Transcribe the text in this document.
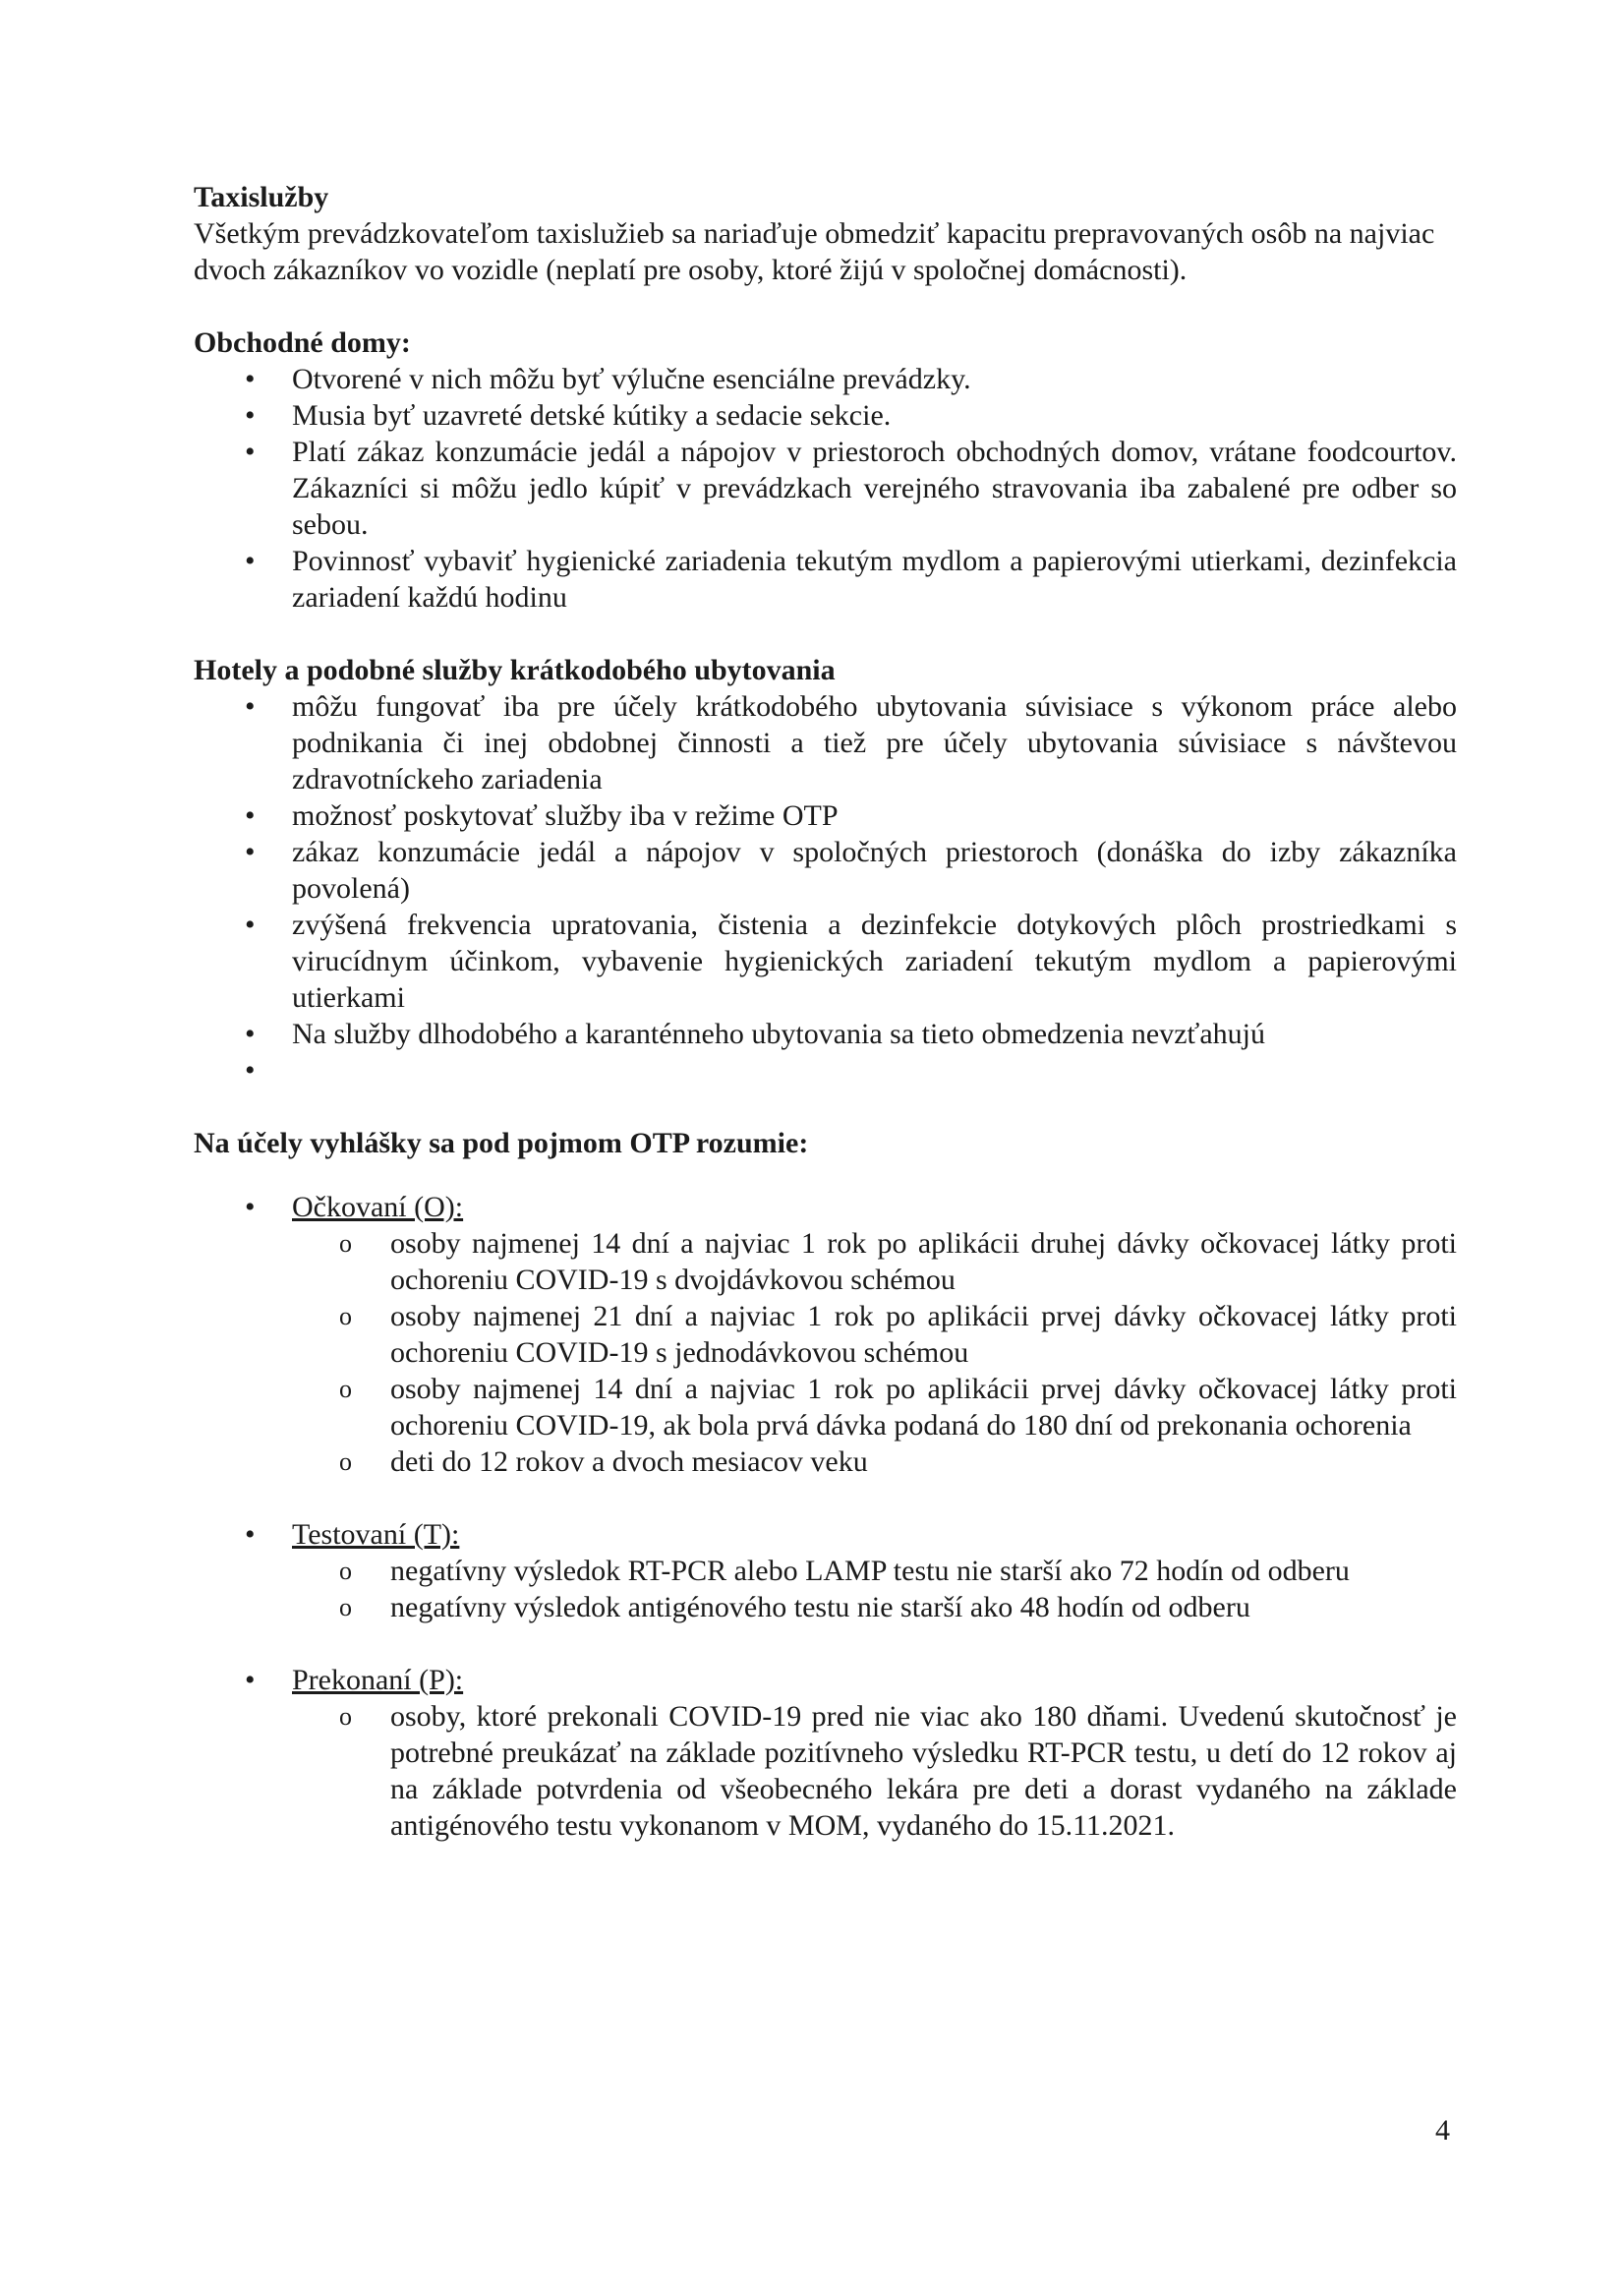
Taxislužby

Všetkým prevádzkovateľom taxislužieb sa nariaďuje obmedziť kapacitu prepravovaných osôb na najviac dvoch zákazníkov vo vozidle (neplatí pre osoby, ktoré žijú v spoločnej domácnosti).

Obchodné domy:
• Otvorené v nich môžu byť výlučne esenciálne prevádzky.
• Musia byť uzavreté detské kútiky a sedacie sekcie.
• Platí zákaz konzumácie jedál a nápojov v priestoroch obchodných domov, vrátane foodcourtov. Zákazníci si môžu jedlo kúpiť v prevádzkach verejného stravovania iba zabalené pre odber so sebou.
• Povinnosť vybaviť hygienické zariadenia tekutým mydlom a papierovými utierkami, dezinfekcia zariadení každú hodinu
Hotely a podobné služby krátkodobého ubytovania
• môžu fungovať iba pre účely krátkodobého ubytovania súvisiace s výkonom práce alebo podnikania či inej obdobnej činnosti a tiež pre účely ubytovania súvisiace s návštevou zdravotníckeho zariadenia
• možnosť poskytovať služby iba v režime OTP
• zákaz konzumácie jedál a nápojov v spoločných priestoroch (donáška do izby zákazníka povolená)
• zvýšená frekvencia upratovania, čistenia a dezinfekcie dotykových plôch prostriedkami s virucídnym účinkom, vybavenie hygienických zariadení tekutým mydlom a papierovými utierkami
• Na služby dlhodobého a karanténneho ubytovania sa tieto obmedzenia nevzťahujú
•
Na účely vyhlášky sa pod pojmom OTP rozumie:
• Očkovaní (O):
o osoby najmenej 14 dní a najviac 1 rok po aplikácii druhej dávky očkovacej látky proti ochoreniu COVID-19 s dvojdávkovou schémou
o osoby najmenej 21 dní a najviac 1 rok po aplikácii prvej dávky očkovacej látky proti ochoreniu COVID-19 s jednodávkovou schémou
o osoby najmenej 14 dní a najviac 1 rok po aplikácii prvej dávky očkovacej látky proti ochoreniu COVID-19, ak bola prvá dávka podaná do 180 dní od prekonania ochorenia
o deti do 12 rokov a dvoch mesiacov veku
• Testovaní (T):
o negatívny výsledok RT-PCR alebo LAMP testu nie starší ako 72 hodín od odberu
o negatívny výsledok antigénového testu nie starší ako 48 hodín od odberu
• Prekonaní (P):
o osoby, ktoré prekonali COVID-19 pred nie viac ako 180 dňami. Uvedenú skutočnosť je potrebné preukázať na základe pozitívneho výsledku RT-PCR testu, u detí do 12 rokov aj na základe potvrdenia od všeobecného lekára pre deti a dorast vydaného na základe antigénového testu vykonanom v MOM, vydaného do 15.11.2021.
4
